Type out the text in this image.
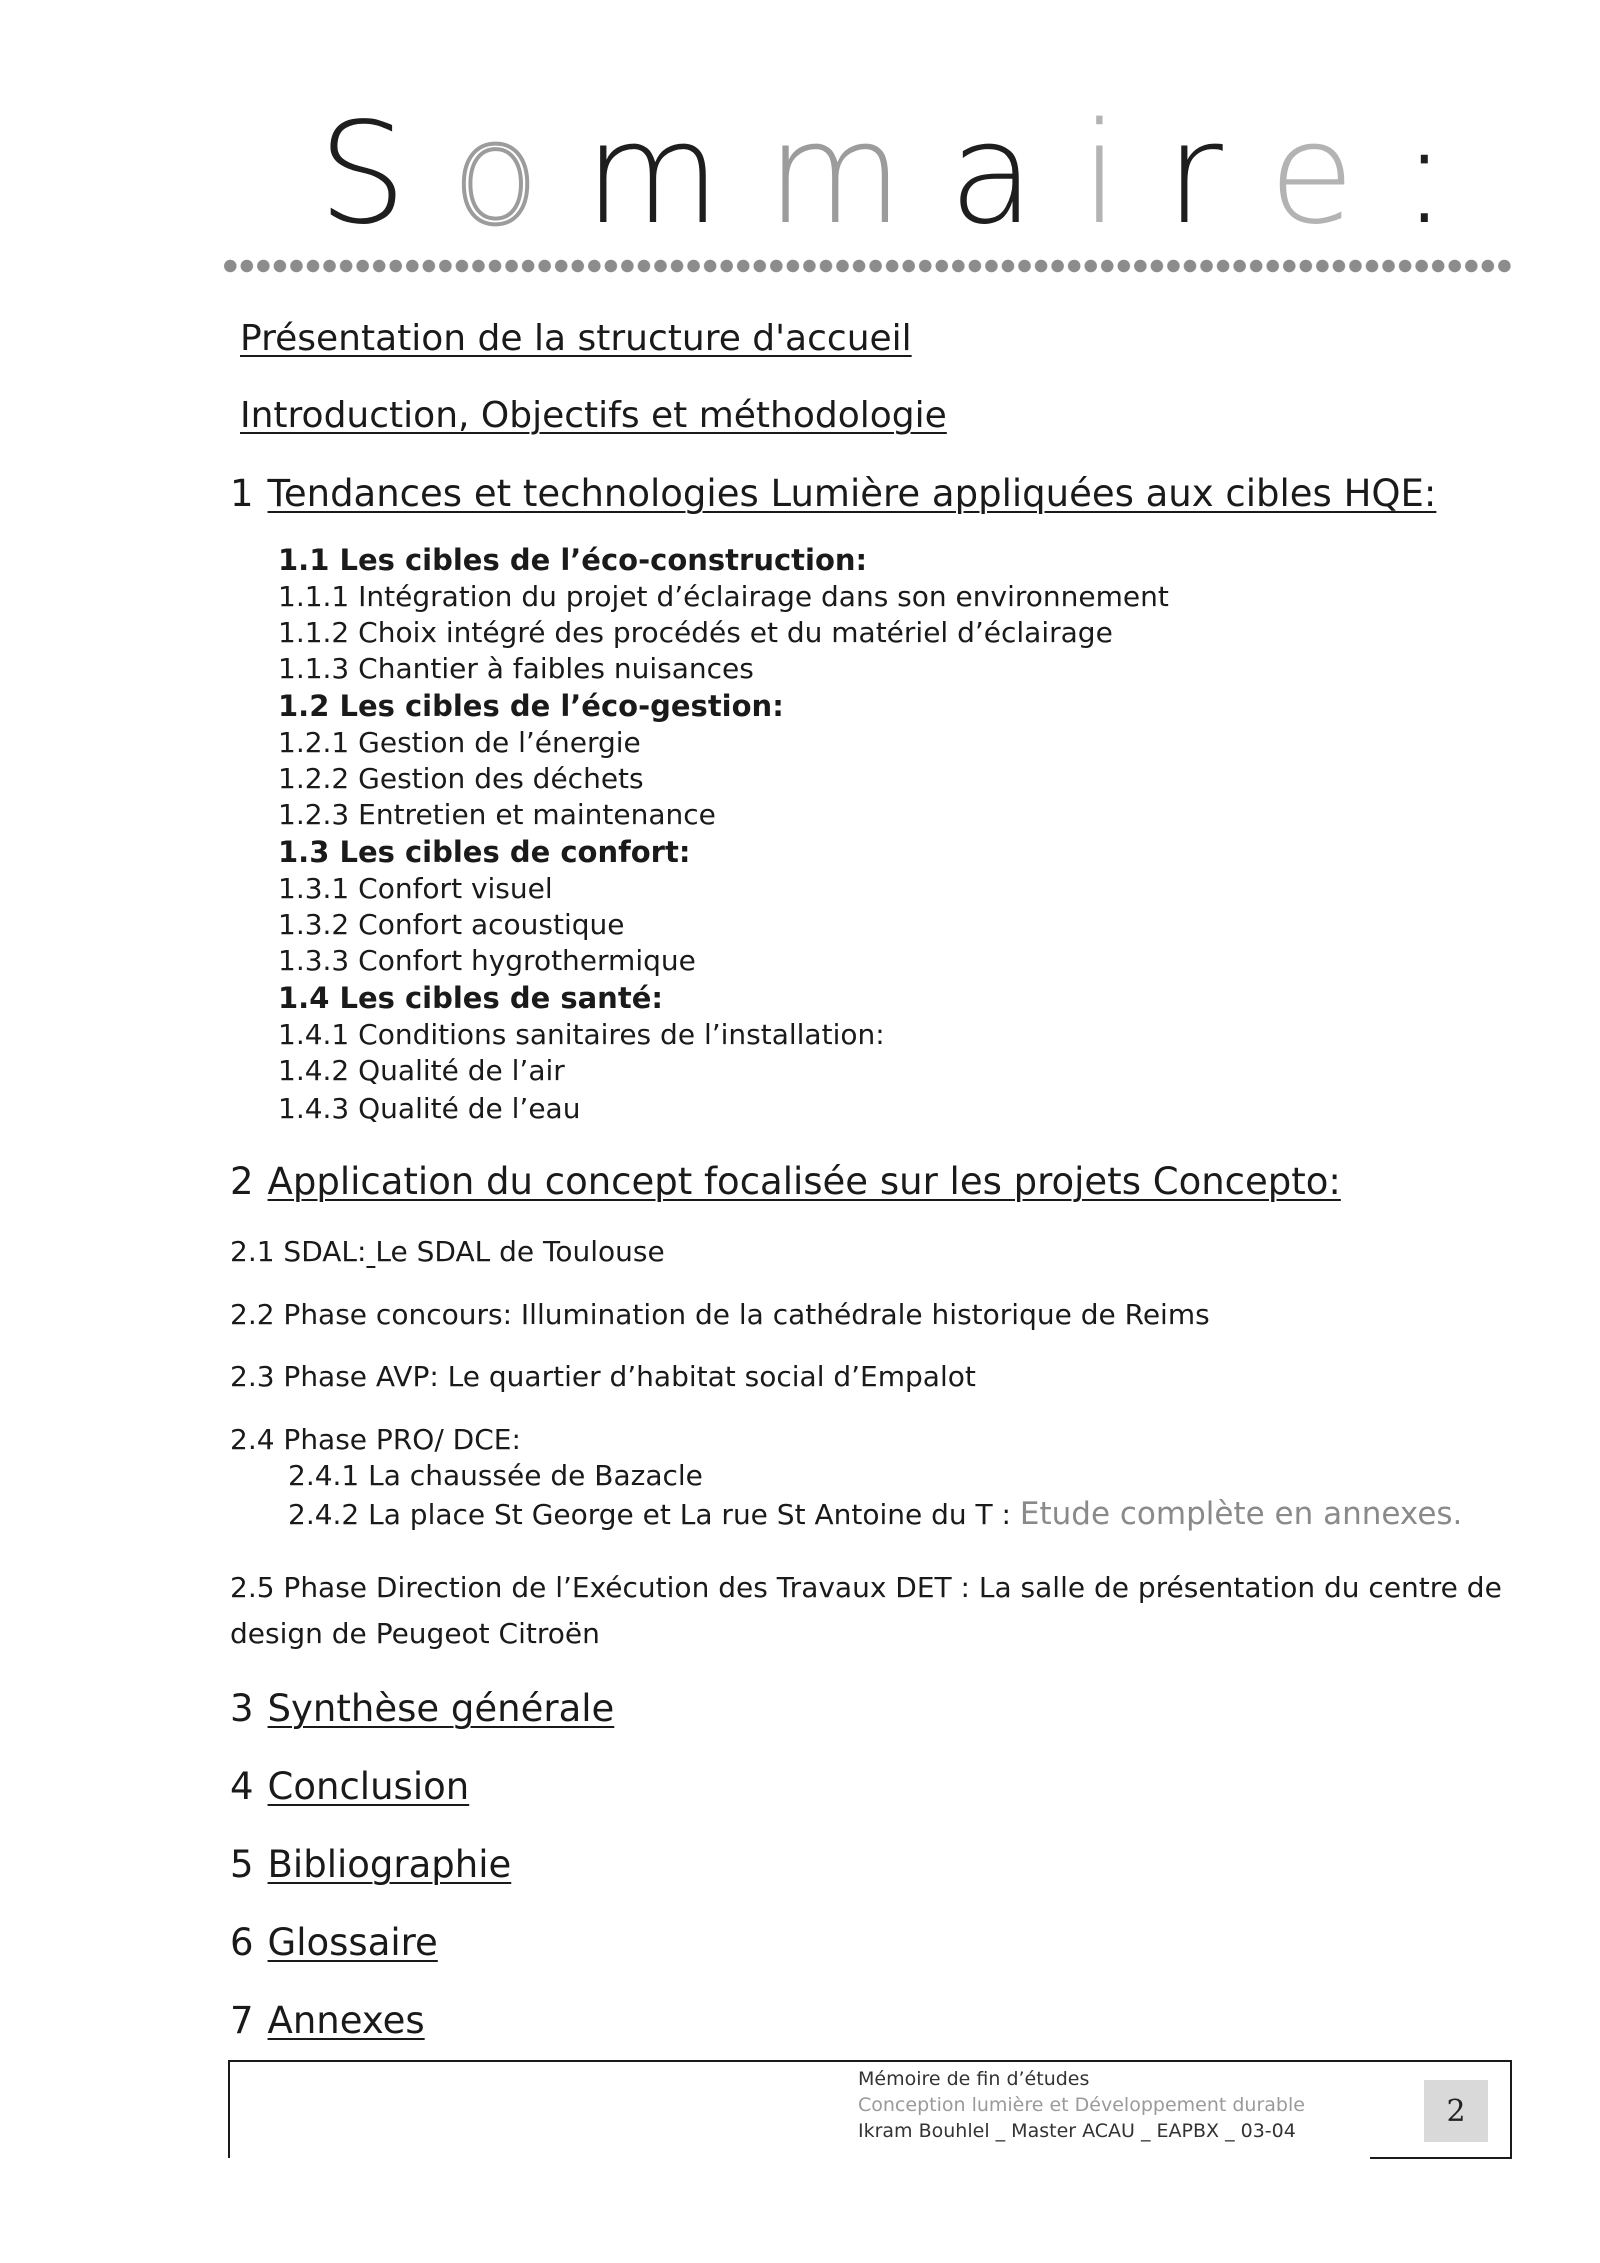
S o m m a i r e :
Présentation de la structure d'accueil
Introduction, Objectifs et méthodologie
1 Tendances et technologies Lumière appliquées aux cibles HQE:
1.1 Les cibles de l’éco-construction:
1.1.1 Intégration du projet d’éclairage dans son environnement
1.1.2 Choix intégré des procédés et du matériel d’éclairage
1.1.3 Chantier à faibles nuisances
1.2 Les cibles de l’éco-gestion:
1.2.1 Gestion de l’énergie
1.2.2 Gestion des déchets
1.2.3 Entretien et maintenance
1.3 Les cibles de confort:
1.3.1 Confort visuel
1.3.2 Confort acoustique
1.3.3 Confort hygrothermique
1.4 Les cibles de santé:
1.4.1 Conditions sanitaires de l’installation:
1.4.2 Qualité de l’air
1.4.3 Qualité de l’eau
2 Application du concept focalisée sur les projets Concepto:
2.1 SDAL: Le SDAL de Toulouse
2.2 Phase concours: Illumination de la cathédrale historique de Reims
2.3 Phase AVP: Le quartier d’habitat social d’Empalot
2.4 Phase PRO/ DCE:
2.4.1 La chaussée de Bazacle
2.4.2 La place St George et La rue St Antoine du T : Etude complète en annexes.
2.5 Phase Direction de l’Exécution des Travaux DET : La salle de présentation du centre de design de Peugeot Citroën
3 Synthèse générale
4 Conclusion
5 Bibliographie
6 Glossaire
7 Annexes
Mémoire de fin d’études
Conception lumière et Développement durable
Ikram Bouhlel _ Master ACAU _ EAPBX _ 03-04
2
